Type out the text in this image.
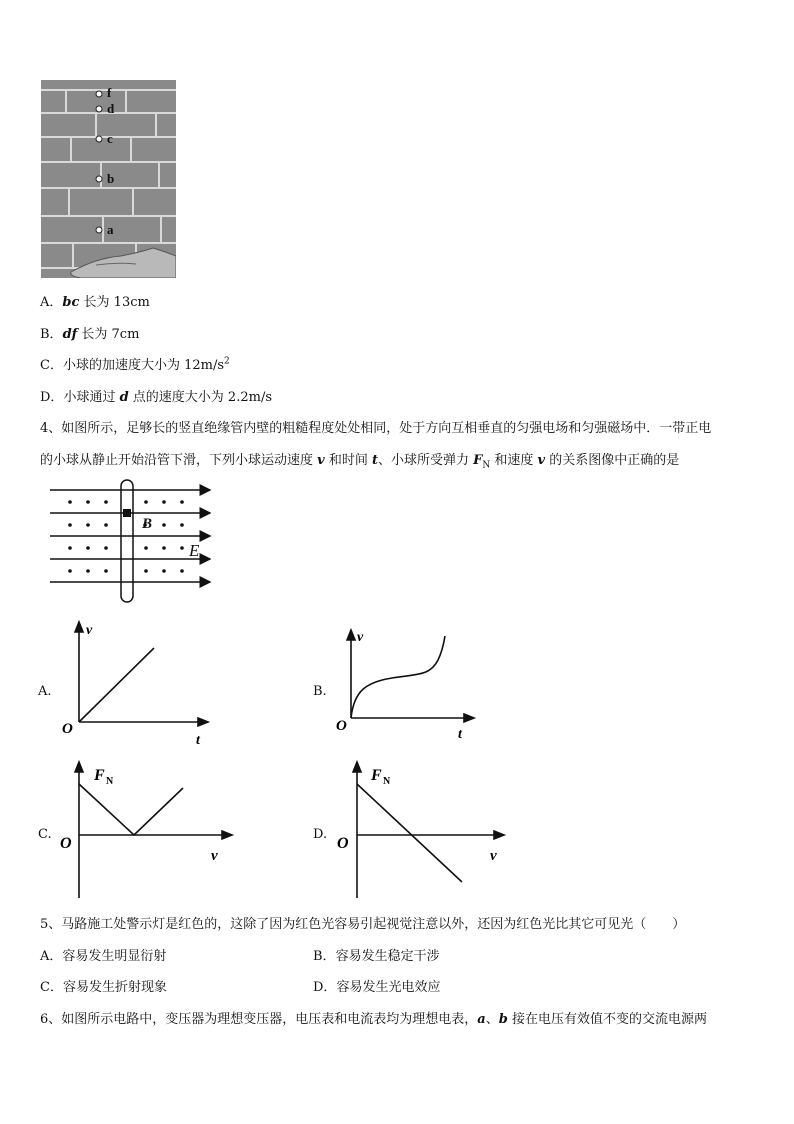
f
d
c
b
a
A．bc 长为 13cm
B．df 长为 7cm
C．小球的加速度大小为 $12m/s^2$
D．小球通过 d 点的速度大小为 2.2m/s
4、如图所示，足够长的竖直绝缘管内壁的粗糙程度处处相同，处于方向互相垂直的匀强电场和匀强磁场中．一带正电
的小球从静止开始沿管下滑，下列小球运动速度 v 和时间 t、小球所受弹力 $F_N$ 和速度 v 的关系图像中正确的是
B
E
A.
O
v
t
B.
O
v
t
C.
O
F N
v
D.
O
F N
v
5、马路施工处警示灯是红色的，这除了因为红色光容易引起视觉注意以外，还因为红色光比其它可见光（　　）
A．容易发生明显衍射	B．容易发生稳定干涉
C．容易发生折射现象	D．容易发生光电效应
6、如图所示电路中，变压器为理想变压器，电压表和电流表均为理想电表，a、b 接在电压有效值不变的交流电源两
